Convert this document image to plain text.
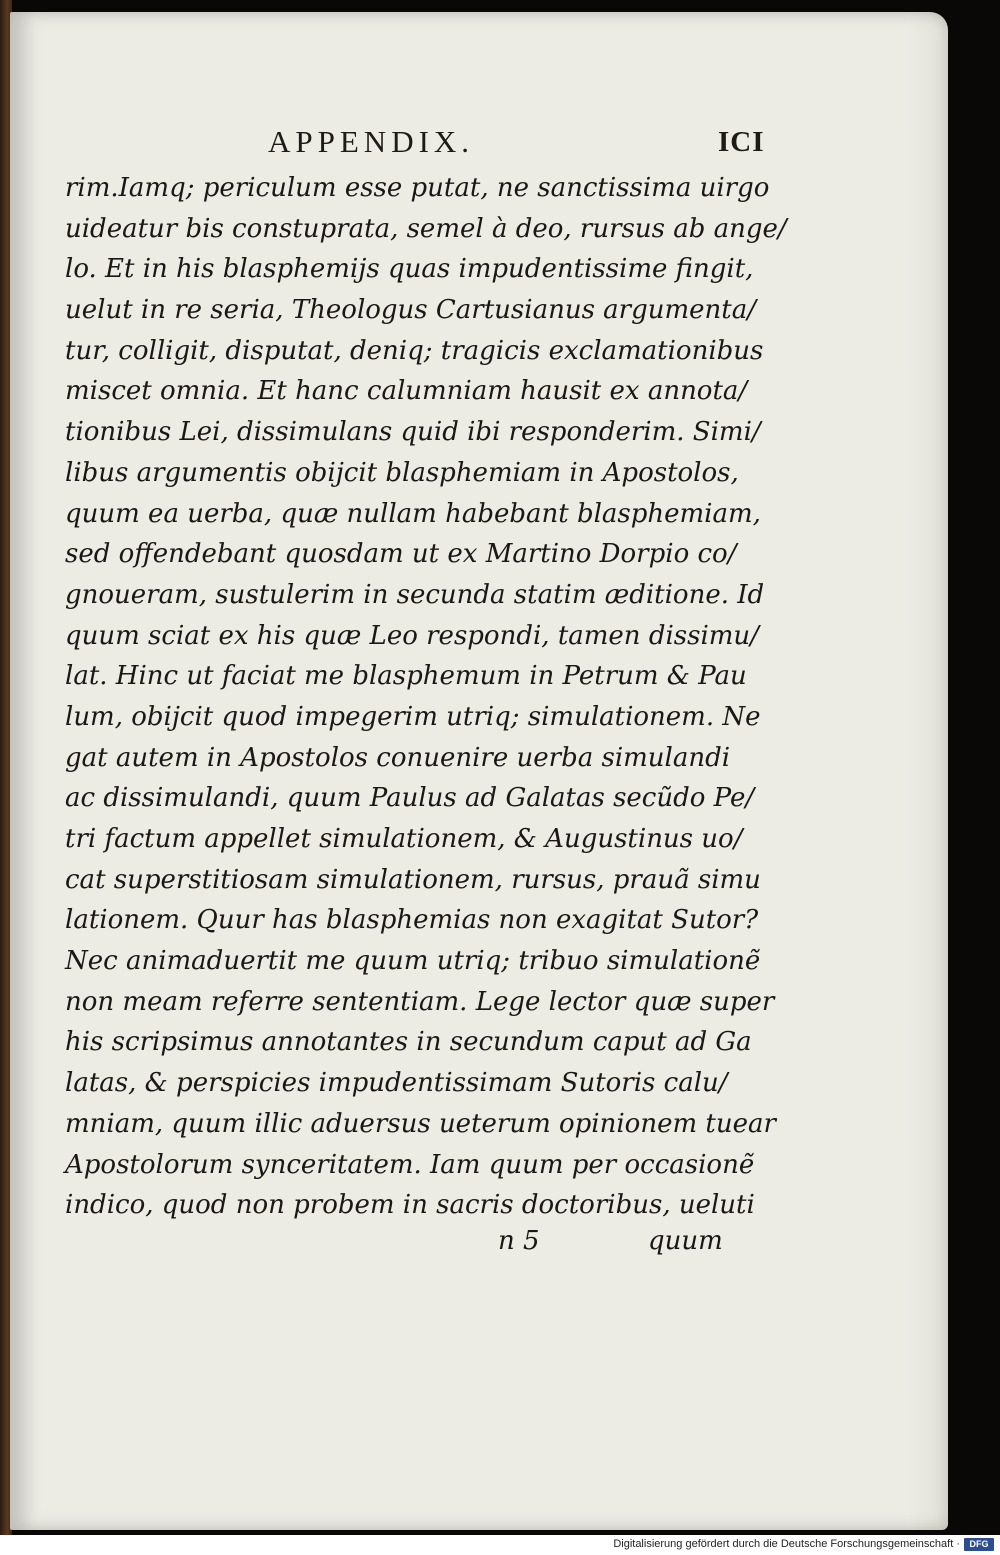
APPENDIX.	ICI
rim.Iamq; periculum esse putat, ne sanctissima uirgo
uideatur bis constuprata, semel à deo, rursus ab ange/
lo. Et in his blasphemijs quas impudentissime fingit,
uelut in re seria, Theologus Cartusianus argumenta/
tur, colligit, disputat, deniq; tragicis exclamationibus
miscet omnia. Et hanc calumniam hausit ex annota/
tionibus Lei, dissimulans quid ibi responderim. Simi/
libus argumentis obijcit blasphemiam in Apostolos,
quum ea uerba, quæ nullam habebant blasphemiam,
sed offendebant quosdam ut ex Martino Dorpio co/
gnoueram, sustulerim in secunda statim æditione. Id
quum sciat ex his quæ Leo respondi, tamen dissimu/
lat. Hinc ut faciat me blasphemum in Petrum & Pau
lum, obijcit quod impegerim utriq; simulationem. Ne
gat autem in Apostolos conuenire uerba simulandi
ac dissimulandi, quum Paulus ad Galatas secũdo Pe/
tri factum appellet simulationem, & Augustinus uo/
cat superstitiosam simulationem, rursus, prauã simu
lationem. Quur has blasphemias non exagitat Sutor?
Nec animaduertit me quum utriq; tribuo simulationẽ
non meam referre sententiam. Lege lector quæ super
his scripsimus annotantes in secundum caput ad Ga
latas, & perspicies impudentissimam Sutoris calu/
mniam, quum illic aduersus ueterum opinionem tuear
Apostolorum synceritatem. Iam quum per occasionẽ
indico, quod non probem in sacris doctoribus, ueluti
n 5	quum
Digitalisierung gefördert durch die Deutsche Forschungsgemeinschaft ·	DFG
